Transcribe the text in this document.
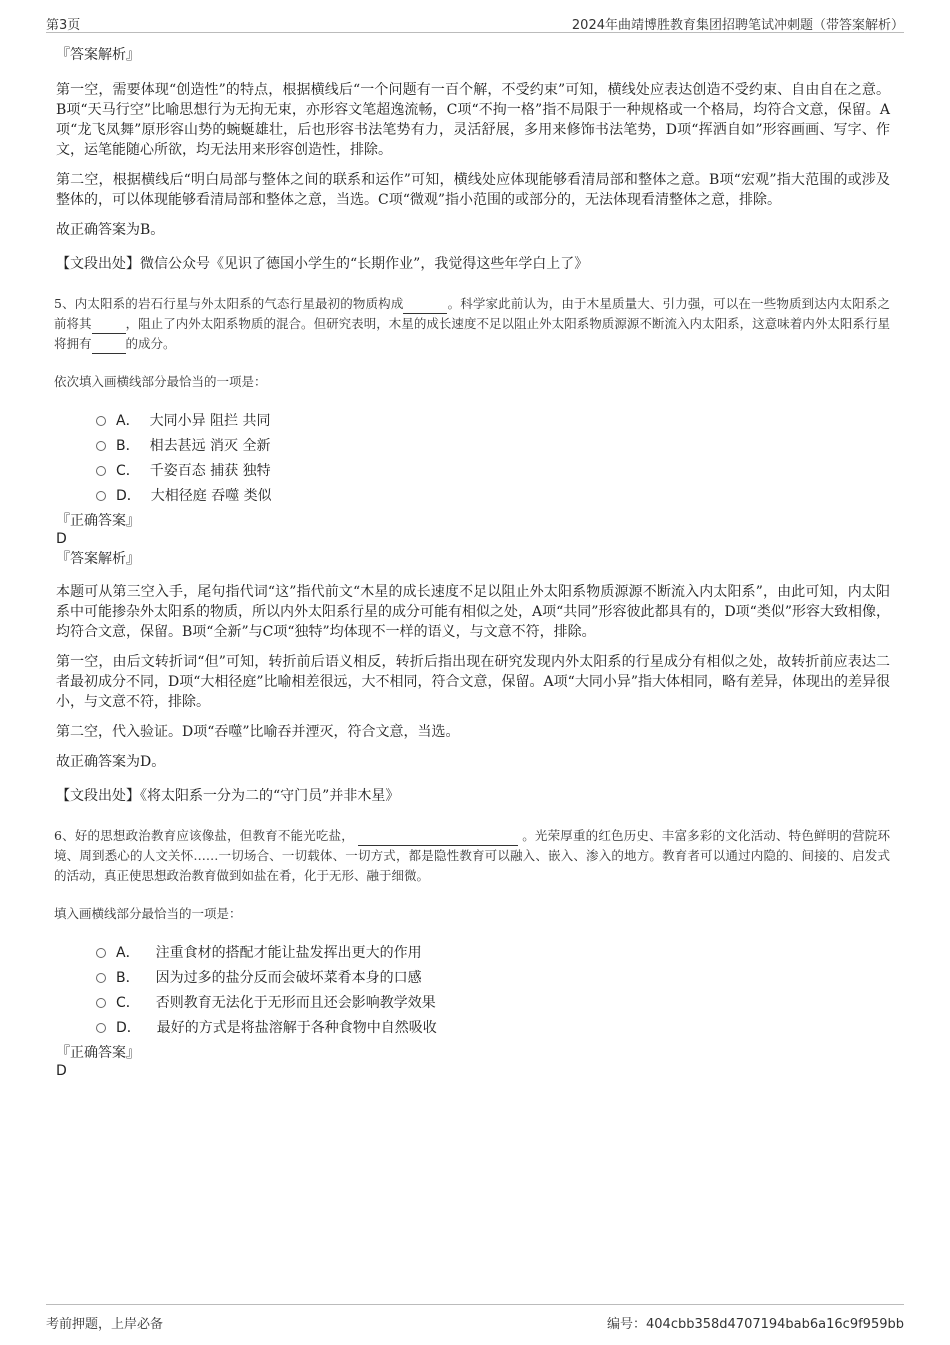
第3页	2024年曲靖博胜教育集团招聘笔试冲刺题（带答案解析）

『答案解析』

第一空，需要体现“创造性”的特点，根据横线后“一个问题有一百个解，不受约束”可知，横线处应表达创造不受约束、自由自在之意。B项“天马行空”比喻思想行为无拘无束，亦形容文笔超逸流畅，C项“不拘一格”指不局限于一种规格或一个格局，均符合文意，保留。A项“龙飞凤舞”原形容山势的蜿蜒雄壮，后也形容书法笔势有力，灵活舒展，多用来修饰书法笔势，D项“挥洒自如”形容画画、写字、作文，运笔能随心所欲，均无法用来形容创造性，排除。

第二空，根据横线后“明白局部与整体之间的联系和运作”可知，横线处应体现能够看清局部和整体之意。B项“宏观”指大范围的或涉及整体的，可以体现能够看清局部和整体之意，当选。C项“微观”指小范围的或部分的，无法体现看清整体之意，排除。

故正确答案为B。

【文段出处】微信公众号《见识了德国小学生的“长期作业”，我觉得这些年学白上了》

5、内太阳系的岩石行星与外太阳系的气态行星最初的物质构成	。科学家此前认为，由于木星质量大、引力强，可以在一些物质到达内太阳系之前将其	，阻止了内外太阳系物质的混合。但研究表明，木星的成长速度不足以阻止外太阳系物质源源不断流入内太阳系，这意味着内外太阳系行星将拥有	的成分。

依次填入画横线部分最恰当的一项是：

A． 大同小异 阻拦 共同
B． 相去甚远 消灭 全新
C． 千姿百态 捕获 独特
D． 大相径庭 吞噬 类似

『正确答案』

D

『答案解析』

本题可从第三空入手，尾句指代词“这”指代前文“木星的成长速度不足以阻止外太阳系物质源源不断流入内太阳系”，由此可知，内太阳系中可能掺杂外太阳系的物质，所以内外太阳系行星的成分可能有相似之处，A项“共同”形容彼此都具有的，D项“类似”形容大致相像，均符合文意，保留。B项“全新”与C项“独特”均体现不一样的语义，与文意不符，排除。

第一空，由后文转折词“但”可知，转折前后语义相反，转折后指出现在研究发现内外太阳系的行星成分有相似之处，故转折前应表达二者最初成分不同，D项“大相径庭”比喻相差很远，大不相同，符合文意，保留。A项“大同小异”指大体相同，略有差异，体现出的差异很小，与文意不符，排除。

第二空，代入验证。D项“吞噬”比喻吞并湮灭，符合文意，当选。

故正确答案为D。

【文段出处】《将太阳系一分为二的“守门员”并非木星》

6、好的思想政治教育应该像盐，但教育不能光吃盐，	。光荣厚重的红色历史、丰富多彩的文化活动、特色鲜明的营院环境、周到悉心的人文关怀……一切场合、一切载体、一切方式，都是隐性教育可以融入、嵌入、渗入的地方。教育者可以通过内隐的、间接的、启发式的活动，真正使思想政治教育做到如盐在肴，化于无形、融于细微。

填入画横线部分最恰当的一项是：

A． 注重食材的搭配才能让盐发挥出更大的作用
B． 因为过多的盐分反而会破坏菜肴本身的口感
C． 否则教育无法化于无形而且还会影响教学效果
D． 最好的方式是将盐溶解于各种食物中自然吸收

『正确答案』

D

考前押题，上岸必备	编号：404cbb358d4707194bab6a16c9f959bb
